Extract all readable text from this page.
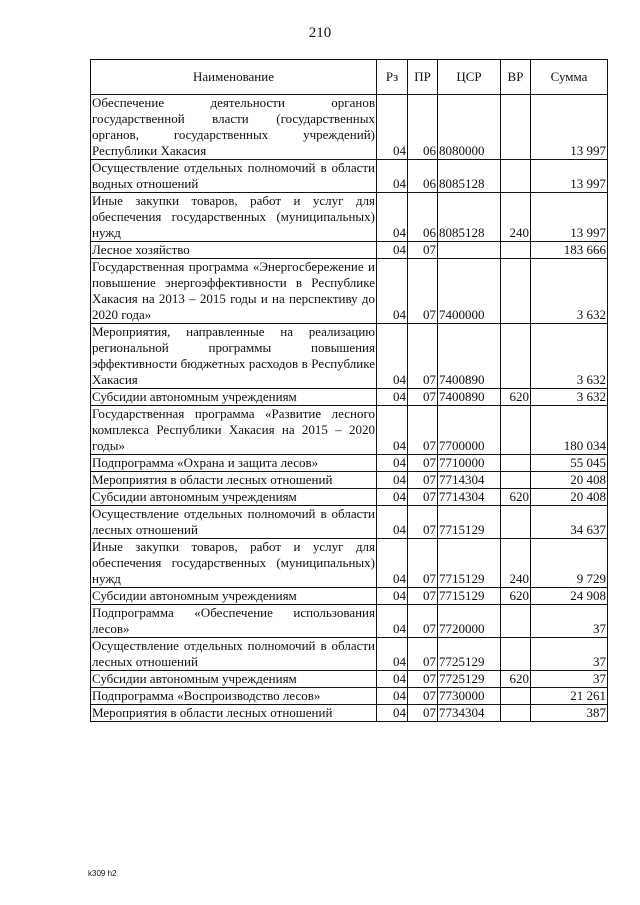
210
Наименование	Рз	ПР	ЦСР	ВР	Сумма
Обеспечение деятельности органов государственной власти (государственных органов, государственных учреждений) Республики Хакасия	04	06	8080000		13 997
Осуществление отдельных полномочий в области водных отношений	04	06	8085128		13 997
Иные закупки товаров, работ и услуг для обеспечения государственных (муниципальных) нужд	04	06	8085128	240	13 997
Лесное хозяйство	04	07			183 666
Государственная программа «Энергосбережение и повышение энергоэффективности в Республике Хакасия на 2013 – 2015 годы и на перспективу до 2020 года»	04	07	7400000		3 632
Мероприятия, направленные на реализацию региональной программы повышения эффективности бюджетных расходов в Республике Хакасия	04	07	7400890		3 632
Субсидии автономным учреждениям	04	07	7400890	620	3 632
Государственная программа «Развитие лесного комплекса Республики Хакасия на 2015 – 2020 годы»	04	07	7700000		180 034
Подпрограмма «Охрана и защита лесов»	04	07	7710000		55 045
Мероприятия в области лесных отношений	04	07	7714304		20 408
Субсидии автономным учреждениям	04	07	7714304	620	20 408
Осуществление отдельных полномочий в области лесных отношений	04	07	7715129		34 637
Иные закупки товаров, работ и услуг для обеспечения государственных (муниципальных) нужд	04	07	7715129	240	9 729
Субсидии автономным учреждениям	04	07	7715129	620	24 908
Подпрограмма «Обеспечение использования лесов»	04	07	7720000		37
Осуществление отдельных полномочий в области лесных отношений	04	07	7725129		37
Субсидии автономным учреждениям	04	07	7725129	620	37
Подпрограмма «Воспроизводство лесов»	04	07	7730000		21 261
Мероприятия в области лесных отношений	04	07	7734304		387
k309 h2
